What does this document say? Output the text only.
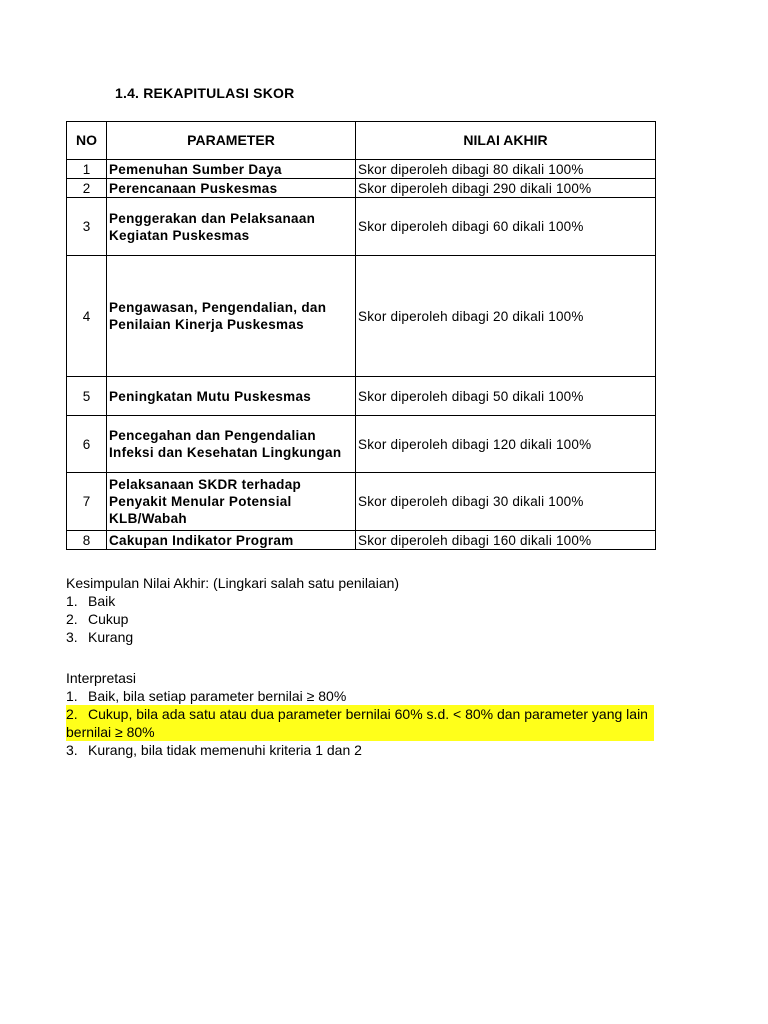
1.4. REKAPITULASI SKOR
NO	PARAMETER	NILAI AKHIR
1	Pemenuhan Sumber Daya	Skor diperoleh dibagi 80 dikali 100%
2	Perencanaan Puskesmas	Skor diperoleh dibagi 290 dikali 100%
3	Penggerakan dan Pelaksanaan Kegiatan Puskesmas	Skor diperoleh dibagi 60 dikali 100%
4	Pengawasan, Pengendalian, dan Penilaian Kinerja Puskesmas	Skor diperoleh dibagi 20 dikali 100%
5	Peningkatan Mutu Puskesmas	Skor diperoleh dibagi 50 dikali 100%
6	Pencegahan dan Pengendalian Infeksi dan Kesehatan Lingkungan	Skor diperoleh dibagi 120 dikali 100%
7	Pelaksanaan SKDR terhadap Penyakit Menular Potensial KLB/Wabah	Skor diperoleh dibagi 30 dikali 100%
8	Cakupan Indikator Program	Skor diperoleh dibagi 160 dikali 100%
Kesimpulan Nilai Akhir: (Lingkari salah satu penilaian)
1. Baik
2. Cukup
3. Kurang
Interpretasi
1. Baik, bila setiap parameter bernilai ≥ 80%
2. Cukup, bila ada satu atau dua parameter bernilai 60% s.d. < 80% dan parameter yang lain bernilai ≥ 80%
3. Kurang, bila tidak memenuhi kriteria 1 dan 2
